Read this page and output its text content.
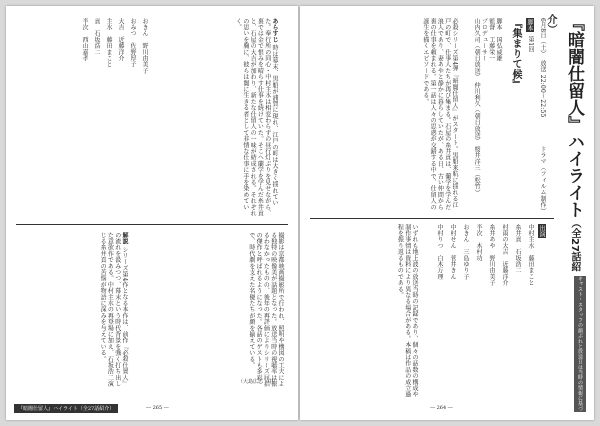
あらすじ 時は幕末、黒船が浦賀に現れ、江戸の町は大きく揺れていた。奉行所の同心・中村主水は相変わらずの昼行灯ぶりを見せながら、裏では金で恨みを晴らす仕事を続けていた。そこへ蘭学を学んだ糸井貢と、石屋の大吉が加わり、新たな仕留人の一味が結成される。それぞれの思いを胸に、彼らは闇に生きる者として非情な仕事に手を染めていく。
おきん　野川由美子
おみつ　佐野厚子
大吉　近藤洋介
主水　藤田まこと
貢　石坂浩二
半次　西山嘉孝
撮影は京都映画撮影所で行われ、照明や構図の工夫による独特の映像美が話題となった。放送当時の視聴率は振るわなかったものの、後年の再評価によりシリーズ屈指の傑作と呼ばれるようになった。各話のゲストも多彩で、時代劇を支えた名優たちが顔を揃えている。
解説 シリーズ第4作となる本作は、前作『必殺仕置人』の流れを汲みつつ、幕末という時代背景を強く打ち出した意欲作である。中村主水の再登場に加え、石坂浩二演じる糸井貢の苦悩が物語に深みを与えている。
（大島広志　中）
『暗闇仕留人』ハイライト（全27話紹介）	― 265 ―
『暗闇仕留人』ハイライト（全27話紹介）
キャスト・スタッフの顔ぶれと放送日は当時の情報に基づく
6月8日（土）　放送 22:00〜22:55
脚本
第1回
『集まりて候』
ドラマ（フィルム制作）
脚本　国弘威雄
監督　工藤栄一
プロデューサー
山内久司（朝日放送） 仲川利久（朝日放送） 桜井洋三（松竹）
必殺シリーズ第4弾『暗闇仕留人』がスタート。黒船来航に揺れる江戸の町で、仕事人たちが再び集まる。石屋の糸井貢は、蘭学を学んだ浪人であり、妻あやと静かに暮らしていたが、ある日、古い仲間から裏の仕事を頼まれる。第一話は人々の思惑が交錯する中で、仕留人の誕生を描くエピソードである。
出演
中村主水　藤田まこと
糸井貢　石坂浩二
村雨の大吉　近藤洋介
糸井あや　野川由美子
半次　木村功
おきん　三島ゆり子
中村せん　菅井きん
中村りつ　白木万理
いずれも地上波の放送当時の記録であり、個々の話数の構成や制作事情は資料により異なる場合がある。本稿は作品の成立過程を振り返るものである。
― 264 ―
